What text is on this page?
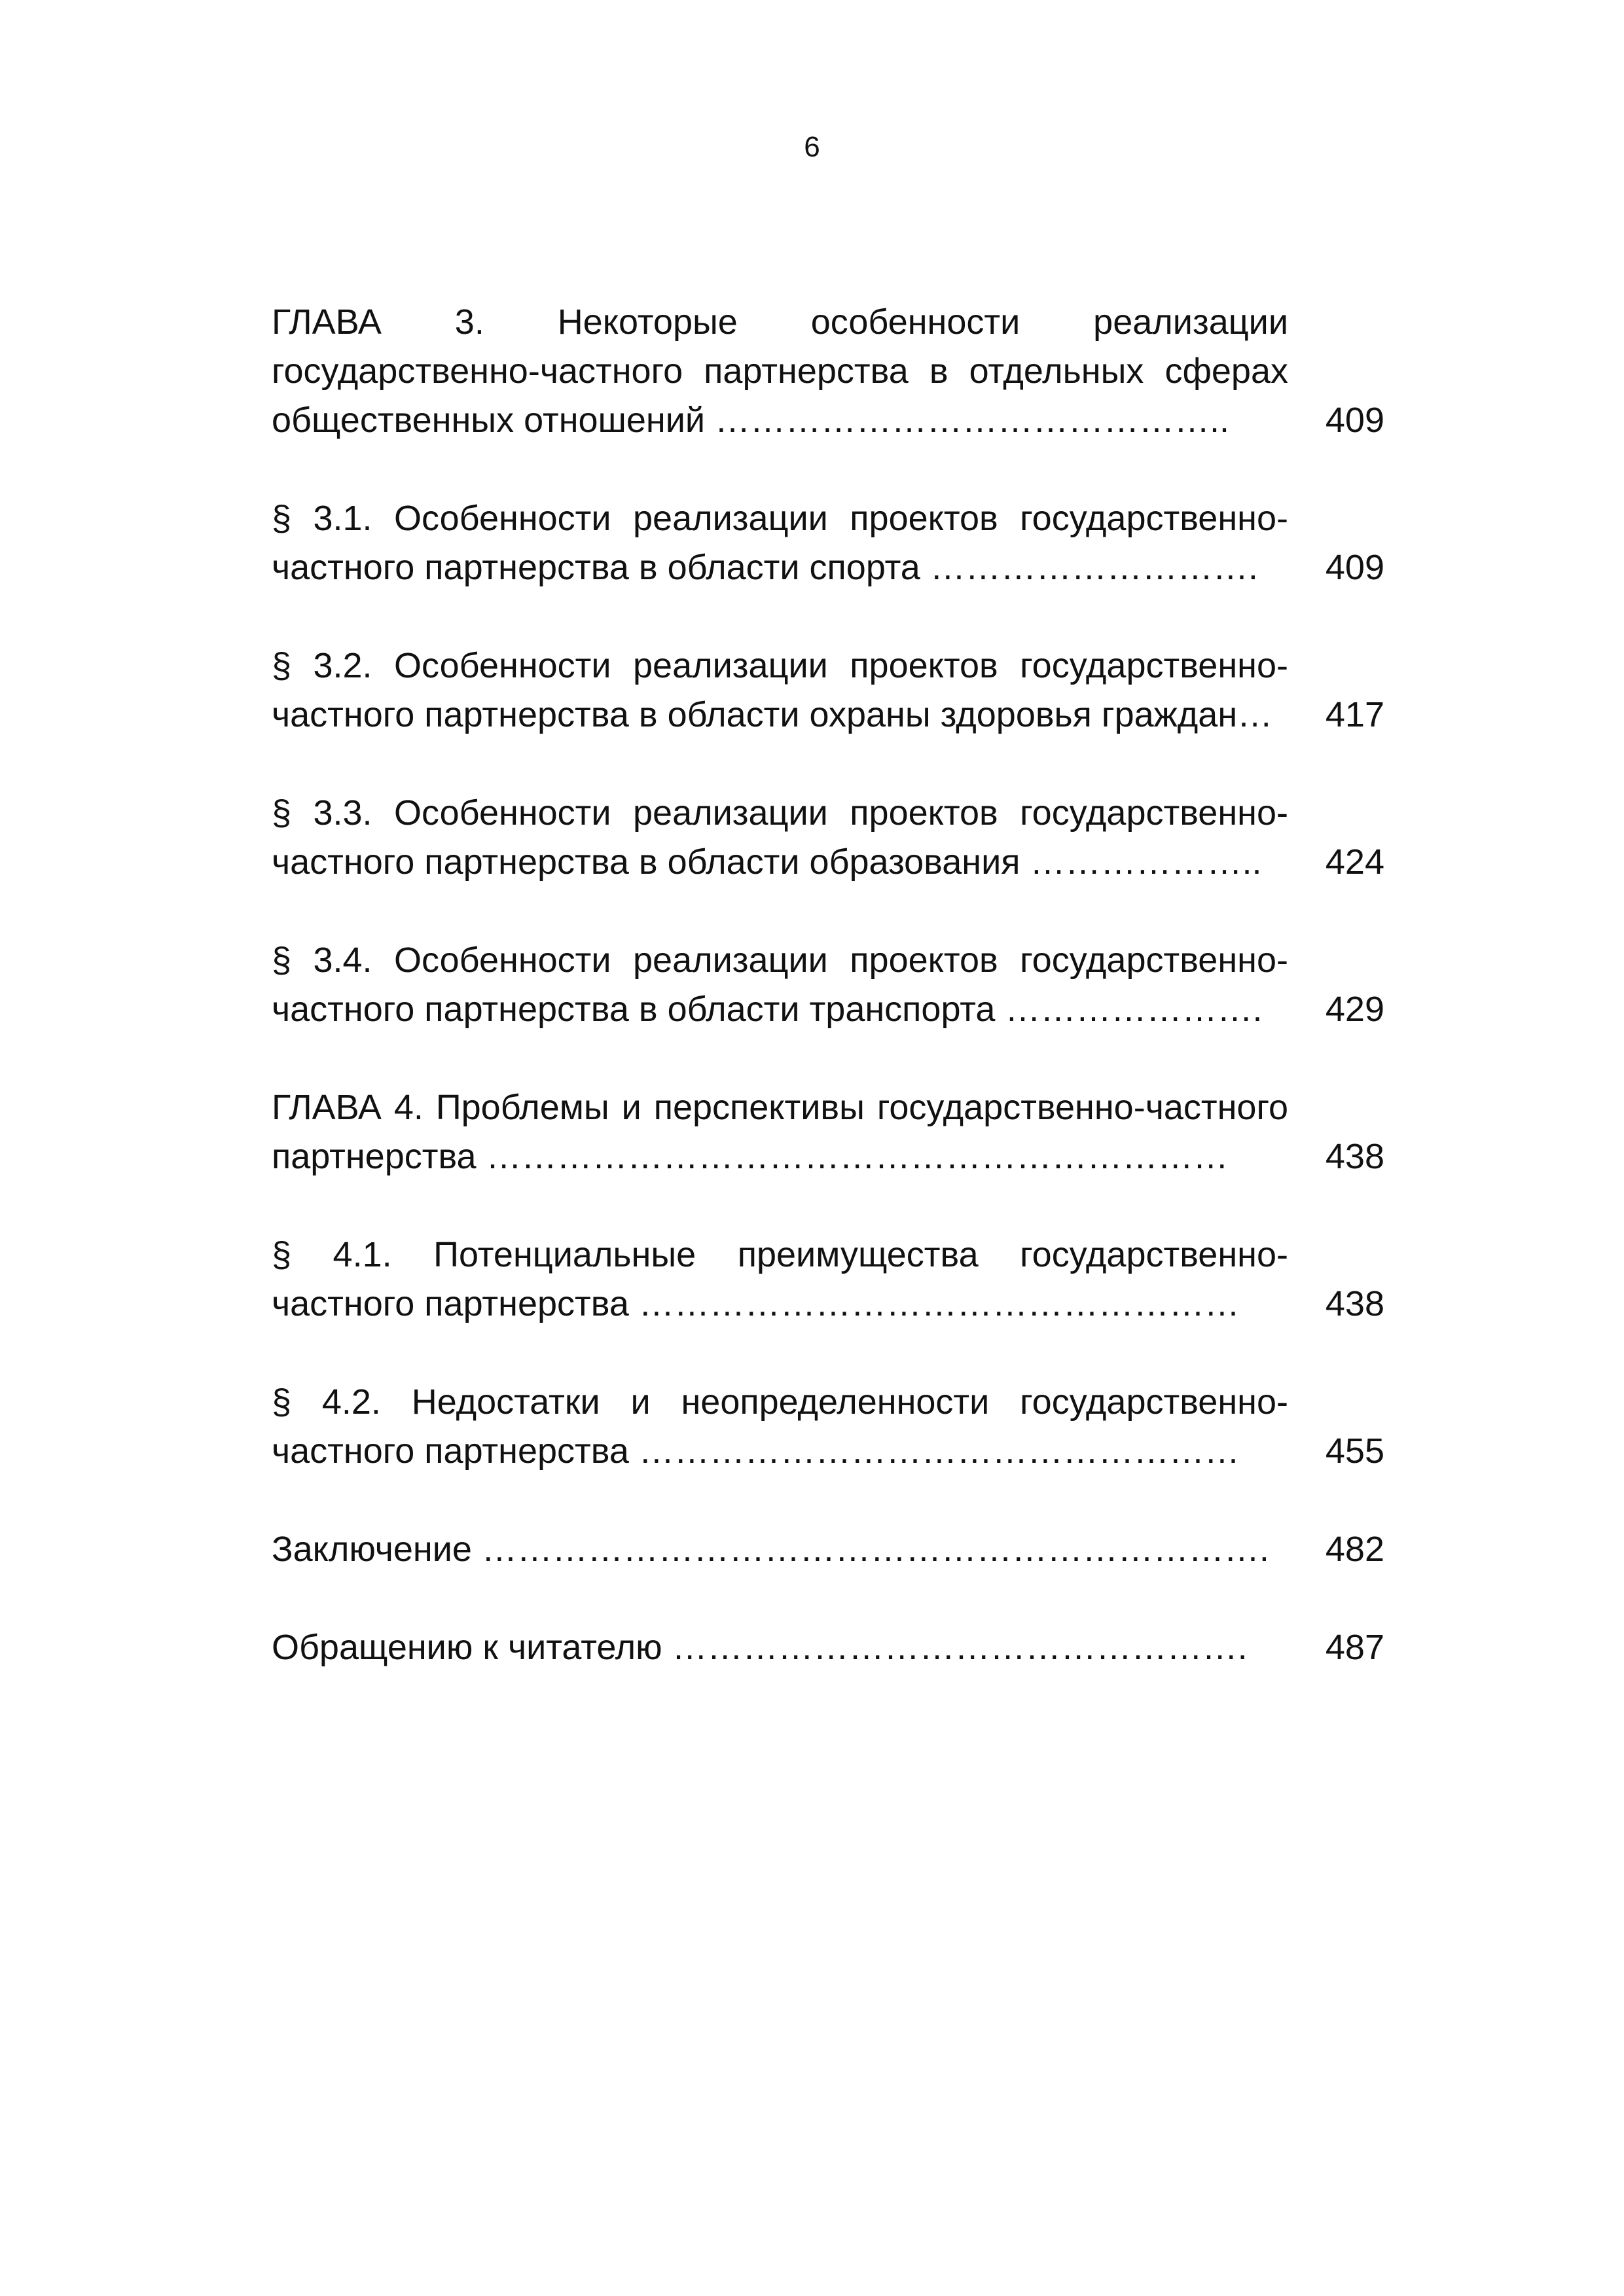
6
ГЛАВА 3. Некоторые особенности реализации государственно-частного партнерства в отдельных сферах общественных отношений ……………………………………..	409
§ 3.1. Особенности реализации проектов государственно-частного партнерства в области спорта ……………………….	409
§ 3.2. Особенности реализации проектов государственно-частного партнерства в области охраны здоровья граждан…	417
§ 3.3. Особенности реализации проектов государственно-частного партнерства в области образования ………………..	424
§ 3.4. Особенности реализации проектов государственно-частного партнерства в области транспорта ………………….	429
ГЛАВА 4. Проблемы и перспективы государственно-частного партнерства ………………………………………………………	438
§ 4.1. Потенциальные преимущества государственно-частного партнерства ……………………………………………	438
§ 4.2. Недостатки и неопределенности государственно-частного партнерства ……………………………………………	455
Заключение ………………………………………………………….	482
Обращению к читателю ………………………………………….	487
